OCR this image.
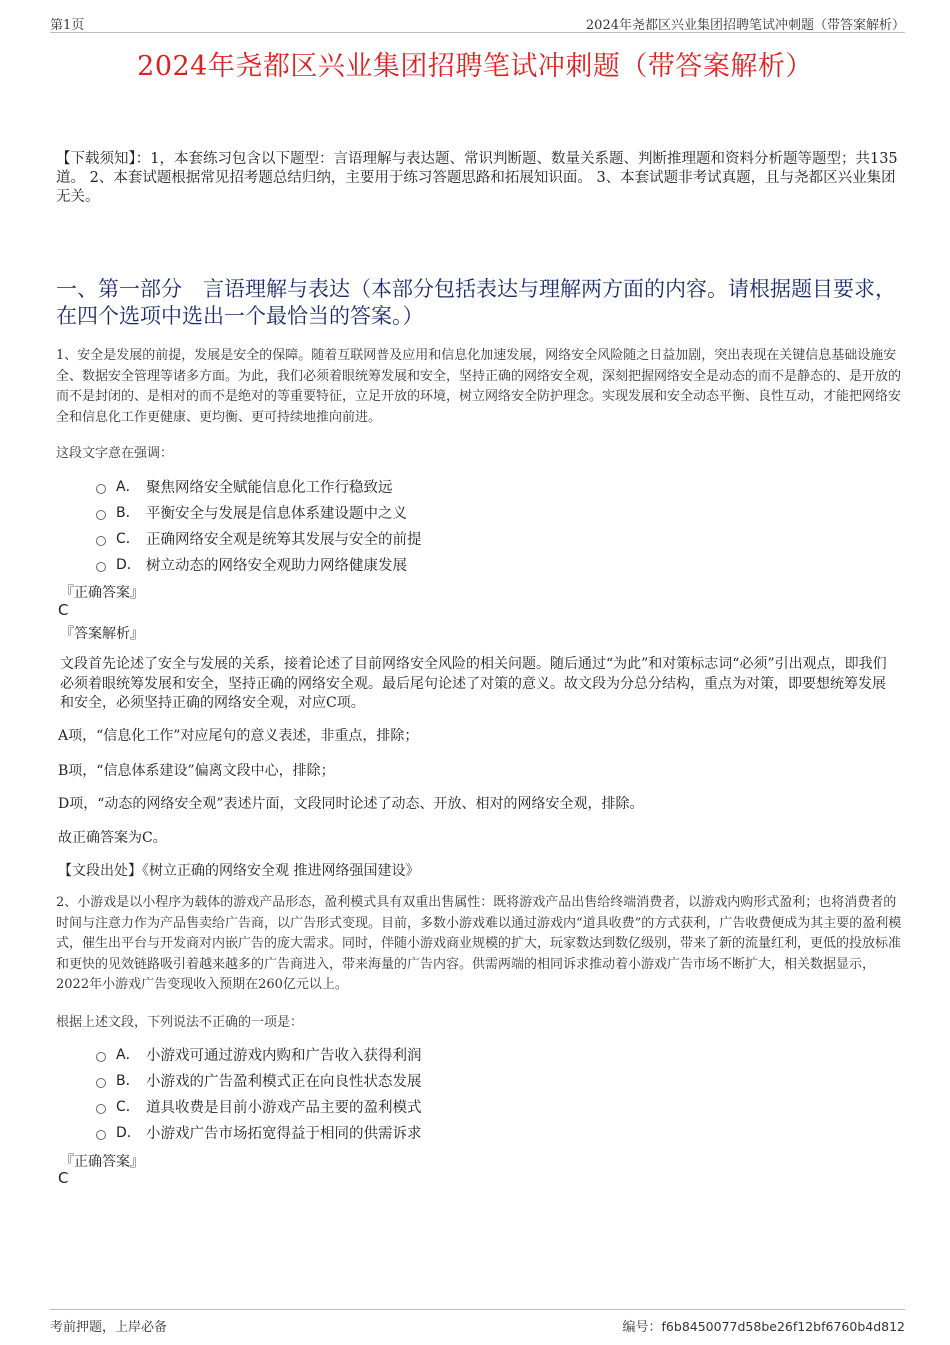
第1页	2024年尧都区兴业集团招聘笔试冲刺题（带答案解析）
2024年尧都区兴业集团招聘笔试冲刺题（带答案解析）
【下载须知】：1，本套练习包含以下题型：言语理解与表达题、常识判断题、数量关系题、判断推理题和资料分析题等题型；共135道。 2、本套试题根据常见招考题总结归纳，主要用于练习答题思路和拓展知识面。 3、本套试题非考试真题，且与尧都区兴业集团无关。
一、第一部分　言语理解与表达（本部分包括表达与理解两方面的内容。请根据题目要求，在四个选项中选出一个最恰当的答案。）
1、安全是发展的前提，发展是安全的保障。随着互联网普及应用和信息化加速发展，网络安全风险随之日益加剧，突出表现在关键信息基础设施安全、数据安全管理等诸多方面。为此，我们必须着眼统筹发展和安全，坚持正确的网络安全观，深刻把握网络安全是动态的而不是静态的、是开放的而不是封闭的、是相对的而不是绝对的等重要特征，立足开放的环境，树立网络安全防护理念。实现发展和安全动态平衡、良性互动，才能把网络安全和信息化工作更健康、更均衡、更可持续地推向前进。
这段文字意在强调：
A． 聚焦网络安全赋能信息化工作行稳致远
B． 平衡安全与发展是信息体系建设题中之义
C． 正确网络安全观是统筹其发展与安全的前提
D． 树立动态的网络安全观助力网络健康发展
『正确答案』
C
『答案解析』
文段首先论述了安全与发展的关系，接着论述了目前网络安全风险的相关问题。随后通过“为此”和对策标志词“必须”引出观点，即我们必须着眼统筹发展和安全，坚持正确的网络安全观。最后尾句论述了对策的意义。故文段为分总分结构，重点为对策，即要想统筹发展和安全，必须坚持正确的网络安全观，对应C项。
A项，“信息化工作”对应尾句的意义表述，非重点，排除；
B项，“信息体系建设”偏离文段中心，排除；
D项，“动态的网络安全观”表述片面，文段同时论述了动态、开放、相对的网络安全观，排除。
故正确答案为C。
【文段出处】《树立正确的网络安全观 推进网络强国建设》
2、小游戏是以小程序为载体的游戏产品形态，盈利模式具有双重出售属性：既将游戏产品出售给终端消费者，以游戏内购形式盈利；也将消费者的时间与注意力作为产品售卖给广告商，以广告形式变现。目前，多数小游戏难以通过游戏内“道具收费”的方式获利，广告收费便成为其主要的盈利模式，催生出平台与开发商对内嵌广告的庞大需求。同时，伴随小游戏商业规模的扩大，玩家数达到数亿级别，带来了新的流量红利，更低的投放标准和更快的见效链路吸引着越来越多的广告商进入，带来海量的广告内容。供需两端的相同诉求推动着小游戏广告市场不断扩大，相关数据显示，2022年小游戏广告变现收入预期在260亿元以上。
根据上述文段，下列说法不正确的一项是：
A． 小游戏可通过游戏内购和广告收入获得利润
B． 小游戏的广告盈利模式正在向良性状态发展
C． 道具收费是目前小游戏产品主要的盈利模式
D． 小游戏广告市场拓宽得益于相同的供需诉求
『正确答案』
C
考前押题，上岸必备	编号：f6b8450077d58be26f12bf6760b4d812
